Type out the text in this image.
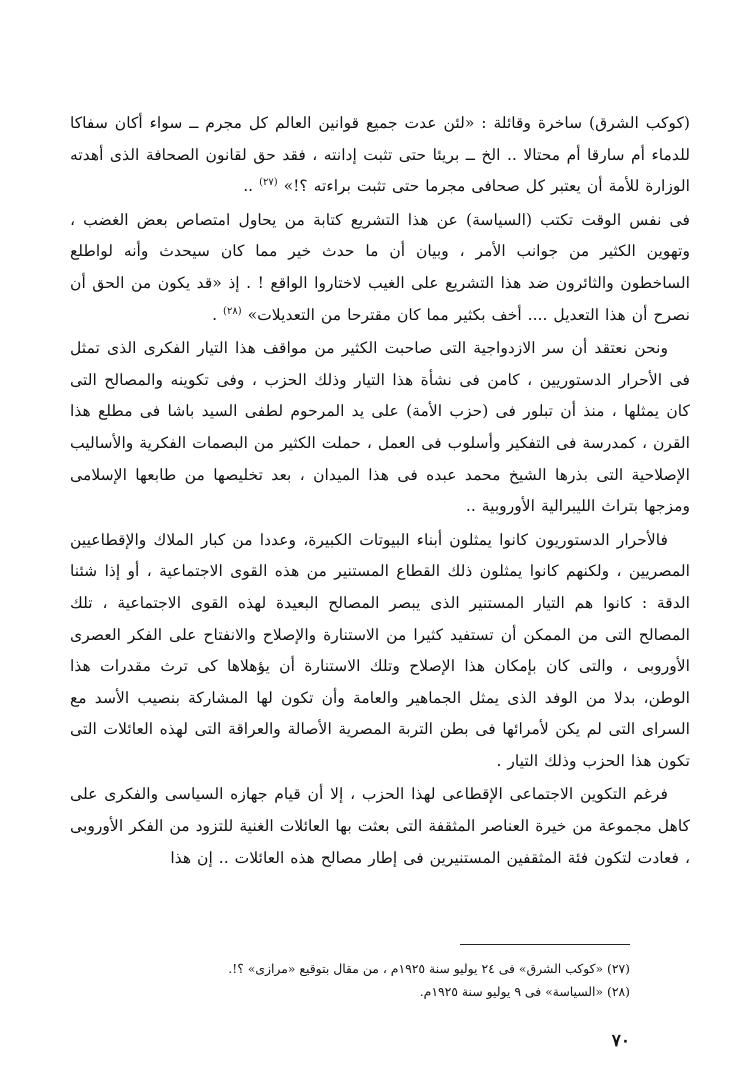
(كوكب الشرق) ساخرة وقائلة : «لئن عدت جميع قوانين العالم كل مجرم ــ سواء أكان سفاكا للدماء أم سارقا أم محتالا .. الخ ــ بريئا حتى تثبت إدانته ، فقد حق لقانون الصحافة الذى أهدته الوزارة للأمة أن يعتبر كل صحافى مجرما حتى تثبت براءته ؟!» $^{(٢٧)}$ ..

فى نفس الوقت تكتب (السياسة) عن هذا التشريع كتابة من يحاول امتصاص بعض الغضب ، وتهوين الكثير من جوانب الأمر ، وبيان أن ما حدث خير مما كان سيحدث وأنه لواطلع الساخطون والثائرون ضد هذا التشريع على الغيب لاختاروا الواقع ! . إذ «قد يكون من الحق أن نصرح أن هذا التعديل .... أخف بكثير مما كان مقترحا من التعديلات» $^{(٢٨)}$ .

ونحن نعتقد أن سر الازدواجية التى صاحبت الكثير من مواقف هذا التيار الفكرى الذى تمثل فى الأحرار الدستوريين ، كامن فى نشأة هذا التيار وذلك الحزب ، وفى تكوينه والمصالح التى كان يمثلها ، منذ أن تبلور فى (حزب الأمة) على يد المرحوم لطفى السيد باشا فى مطلع هذا القرن ، كمدرسة فى التفكير وأسلوب فى العمل ، حملت الكثير من البصمات الفكرية والأساليب الإصلاحية التى بذرها الشيخ محمد عبده فى هذا الميدان ، بعد تخليصها من طابعها الإسلامى ومزجها بتراث الليبرالية الأوروبية ..

فالأحرار الدستوريون كانوا يمثلون أبناء البيوتات الكبيرة، وعددا من كبار الملاك والإقطاعيين المصريين ، ولكنهم كانوا يمثلون ذلك القطاع المستنير من هذه القوى الاجتماعية ، أو إذا شئنا الدقة : كانوا هم التيار المستنير الذى يبصر المصالح البعيدة لهذه القوى الاجتماعية ، تلك المصالح التى من الممكن أن تستفيد كثيرا من الاستنارة والإصلاح والانفتاح على الفكر العصرى الأوروبى ، والتى كان بإمكان هذا الإصلاح وتلك الاستنارة أن يؤهلاها كى ترث مقدرات هذا الوطن، بدلا من الوفد الذى يمثل الجماهير والعامة وأن تكون لها المشاركة بنصيب الأسد مع السراى التى لم يكن لأمرائها فى بطن التربة المصرية الأصالة والعراقة التى لهذه العائلات التى تكون هذا الحزب وذلك التيار .

فرغم التكوين الاجتماعى الإقطاعى لهذا الحزب ، إلا أن قيام جهازه السياسى والفكرى على كاهل مجموعة من خيرة العناصر المثقفة التى بعثت بها العائلات الغنية للتزود من الفكر الأوروبى ، فعادت لتكون فئة المثقفين المستنيرين فى إطار مصالح هذه العائلات .. إن هذا

(٢٧) «كوكب الشرق» فى ٢٤ يوليو سنة ١٩٢٥م ، من مقال بتوقيع «مرازى» ؟!.

(٢٨) «السياسة» فى ٩ يوليو سنة ١٩٢٥م.

٧٠
